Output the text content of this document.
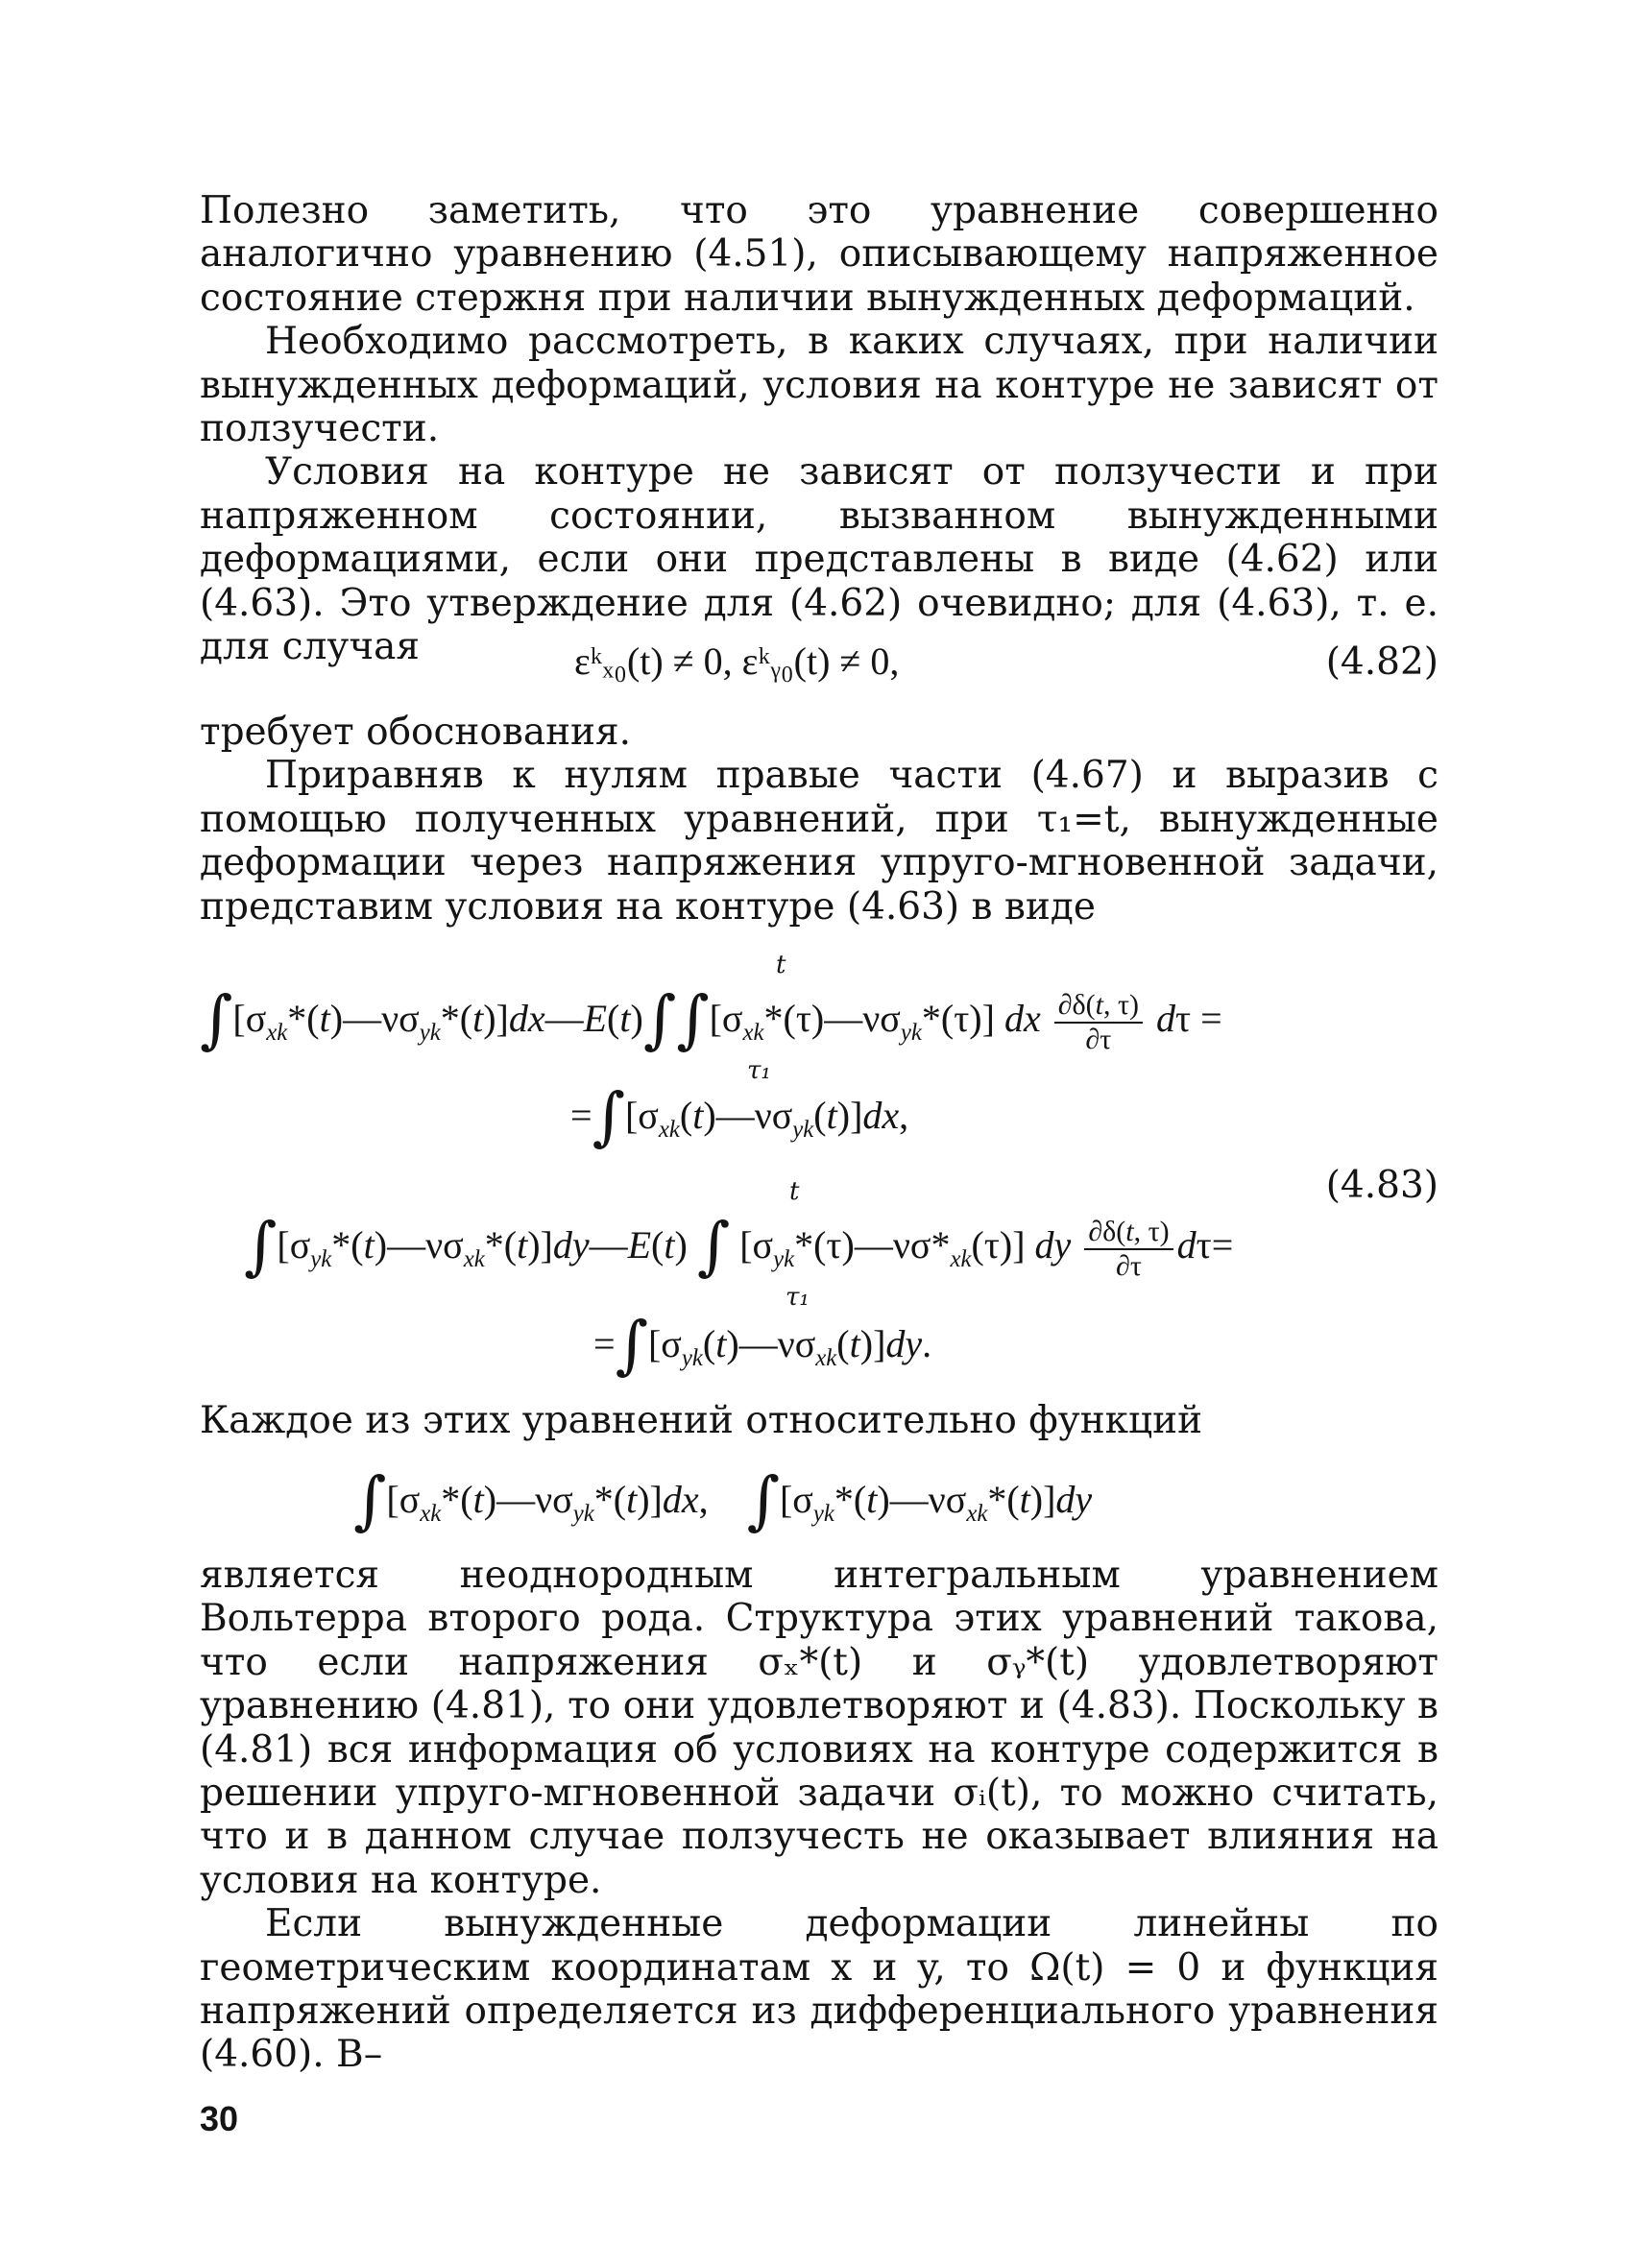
Полезно заметить, что это уравнение совершенно аналогично уравнению (4.51), описывающему напряженное состояние стержня при наличии вынужденных деформаций.

Необходимо рассмотреть, в каких случаях, при наличии вынужденных деформаций, условия на контуре не зависят от ползучести.

Условия на контуре не зависят от ползучести и при напряженном состоянии, вызванном вынужденными деформациями, если они представлены в виде (4.62) или (4.63). Это утверждение для (4.62) очевидно; для (4.63), т. е. для случая	εᵏₓ₀(t) ≠ 0, εᵏᵧ₀(t) ≠ 0,	(4.82)

требует обоснования.

Приравняв к нулям правые части (4.67) и выразив с помощью полученных уравнений, при τ₁=t, вынужденные деформации через напряжения упруго-мгновенной задачи, представим условия на контуре (4.63) в виде

t
$\int[\sigma_{xk}*(t)—\nu\sigma_{yk}*(t)]dx—E(t)\int\int[\sigma_{xk}*(\tau)—\nu\sigma_{yk}*(\tau)]$ dx $\frac{\partial\delta(t, \tau)}{\partial\tau}$ dτ =
τ₁
$=\int[\sigma_{xk}(t)—\nu\sigma_{yk}(t)]dx$,
(4.83)
t
$\int[\sigma_{yk}*(t)—\nu\sigma_{xk}*(t)]dy—E(t)$ ∫ $[\sigma_{yk}*(\tau)—\nu\sigma*_{xk}(\tau)]$ dy $\frac{\partial\delta(t, \tau)}{\partial\tau} d\tau=$
τ₁
$=\int[\sigma_{yk}(t)—\nu\sigma_{xk}(t)]dy$.

Каждое из этих уравнений относительно функций

$\int[\sigma_{xk}*(t)—\nu\sigma_{yk}*(t)]dx$,    $\int[\sigma_{yk}*(t)—\nu\sigma_{xk}*(t)]dy$

является неоднородным интегральным уравнением Вольтерра второго рода. Структура этих уравнений такова, что если напряжения σₓ*(t) и σᵧ*(t) удовлетворяют уравнению (4.81), то они удовлетворяют и (4.83). Поскольку в (4.81) вся информация об условиях на контуре содержится в решении упруго-мгновенной задачи σᵢ(t), то можно считать, что и в данном случае ползучесть не оказывает влияния на условия на контуре.

Если вынужденные деформации линейны по геометрическим координатам x и y, то Ω(t) = 0 и функция напряжений определяется из дифференциального уравнения (4.60). В–

30
